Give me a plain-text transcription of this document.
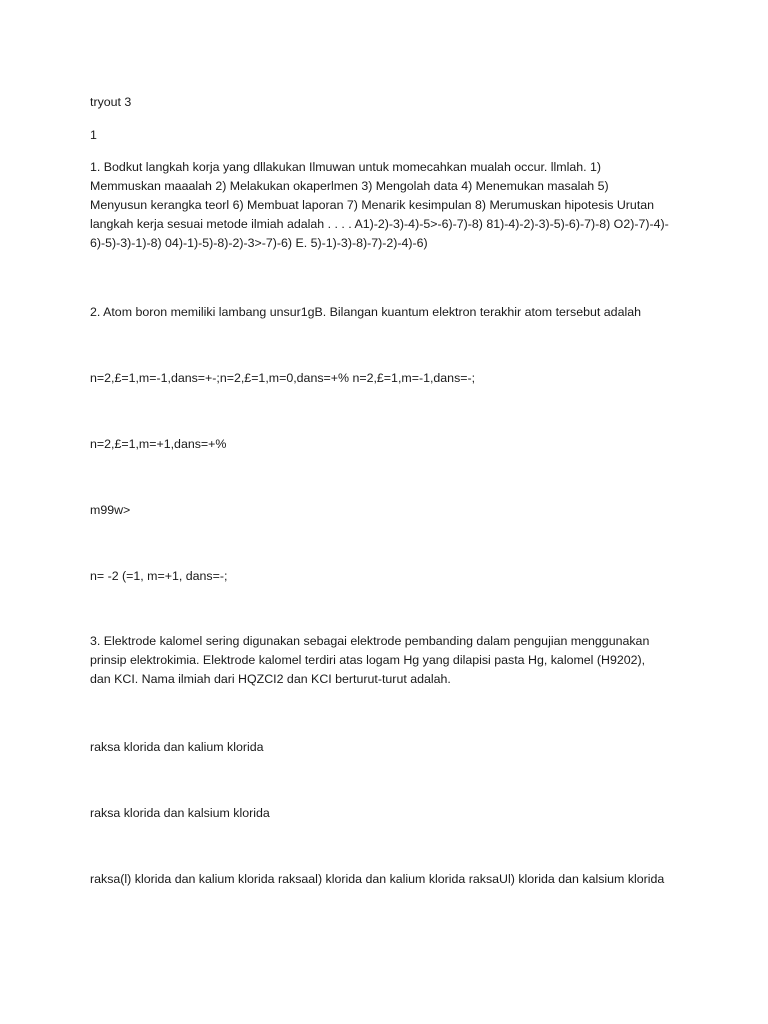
tryout 3

1

1. Bodkut langkah korja yang dllakukan Ilmuwan untuk momecahkan mualah occur. llmlah. 1)
Memmuskan maaalah 2) Melakukan okaperlmen 3) Mengolah data 4) Menemukan masalah 5)
Menyusun kerangka teorl 6) Membuat laporan 7) Menarik kesimpulan 8) Merumuskan hipotesis Urutan
langkah kerja sesuai metode ilmiah adalah . . . . A1)-2)-3)-4)-5>-6)-7)-8) 81)-4)-2)-3)-5)-6)-7)-8) O2)-7)-4)-
6)-5)-3)-1)-8) 04)-1)-5)-8)-2)-3>-7)-6) E. 5)-1)-3)-8)-7)-2)-4)-6)

2. Atom boron memiliki lambang unsur1gB. Bilangan kuantum elektron terakhir atom tersebut adalah

n=2,£=1,m=-1,dans=+-;n=2,£=1,m=0,dans=+% n=2,£=1,m=-1,dans=-;

n=2,£=1,m=+1,dans=+%

m99w>

n= -2 (=1, m=+1, dans=-;

3. Elektrode kalomel sering digunakan sebagai elektrode pembanding dalam pengujian menggunakan
prinsip elektrokimia. Elektrode kalomel terdiri atas logam Hg yang dilapisi pasta Hg, kalomel (H9202),
dan KCI. Nama ilmiah dari HQZCI2 dan KCI berturut-turut adalah.

raksa klorida dan kalium klorida

raksa klorida dan kalsium klorida

raksa(l) klorida dan kalium klorida raksaal) klorida dan kalium klorida raksaUl) klorida dan kalsium klorida
